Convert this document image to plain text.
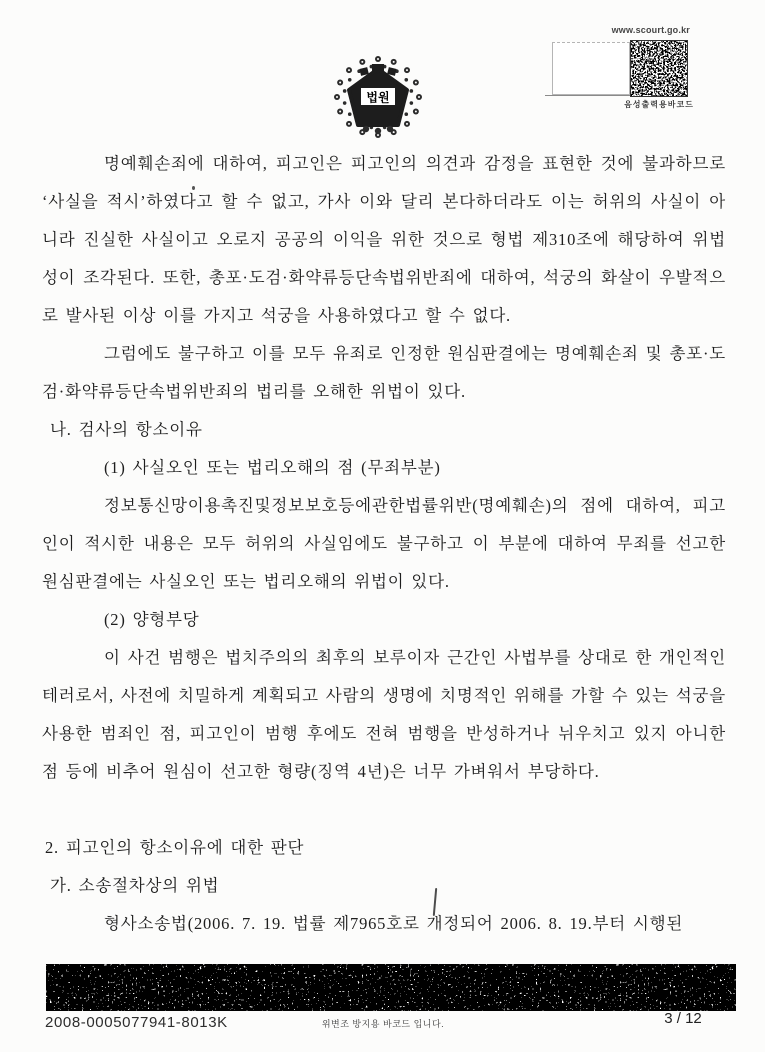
법원
www.scourt.go.kr
음성출력용바코드

명예훼손죄에 대하여, 피고인은 피고인의 의견과 감정을 표현한 것에 불과하므로 ‘사실을 적시’하였다고 할 수 없고, 가사 이와 달리 본다하더라도 이는 허위의 사실이 아니라 진실한 사실이고 오로지 공공의 이익을 위한 것으로 형법 제310조에 해당하여 위법성이 조각된다. 또한, 총포·도검·화약류등단속법위반죄에 대하여, 석궁의 화살이 우발적으로 발사된 이상 이를 가지고 석궁을 사용하였다고 할 수 없다.

그럼에도 불구하고 이를 모두 유죄로 인정한 원심판결에는 명예훼손죄 및 총포·도검·화약류등단속법위반죄의 법리를 오해한 위법이 있다.

나. 검사의 항소이유

(1) 사실오인 또는 법리오해의 점 (무죄부분)

정보통신망이용촉진및정보보호등에관한법률위반(명예훼손)의 점에 대하여, 피고인이 적시한 내용은 모두 허위의 사실임에도 불구하고 이 부분에 대하여 무죄를 선고한 원심판결에는 사실오인 또는 법리오해의 위법이 있다.

(2) 양형부당

이 사건 범행은 법치주의의 최후의 보루이자 근간인 사법부를 상대로 한 개인적인 테러로서, 사전에 치밀하게 계획되고 사람의 생명에 치명적인 위해를 가할 수 있는 석궁을 사용한 범죄인 점, 피고인이 범행 후에도 전혀 범행을 반성하거나 뉘우치고 있지 아니한 점 등에 비추어 원심이 선고한 형량(징역 4년)은 너무 가벼워서 부당하다.

2. 피고인의 항소이유에 대한 판단

가. 소송절차상의 위법

형사소송법(2006. 7. 19. 법률 제7965호로 개정되어 2006. 8. 19.부터 시행된

2008-0005077941-8013K	위변조 방지용 바코드 입니다.	3 / 12
